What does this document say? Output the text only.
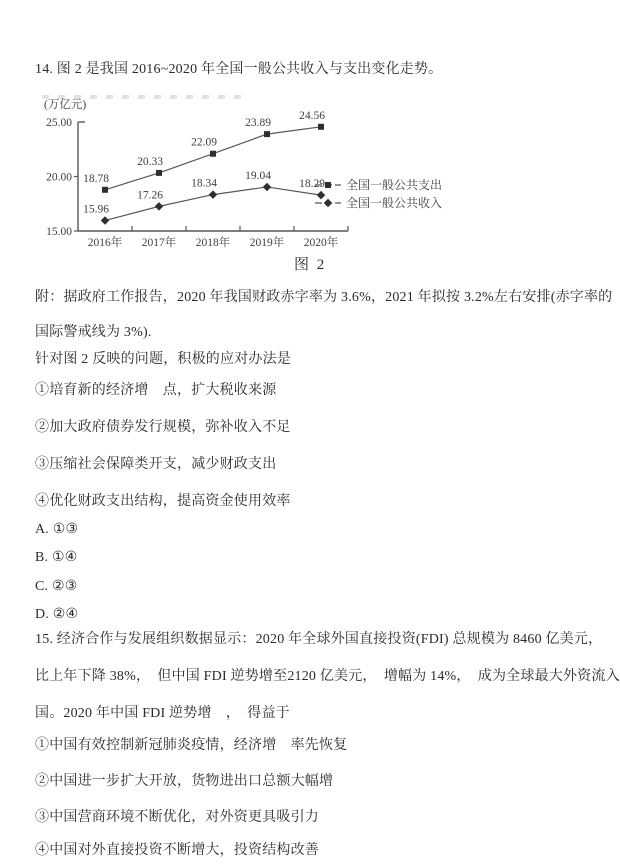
14. 图 2 是我国 2016~2020 年全国一般公共收入与支出变化走势。
(万亿元)
25.00
20.00
15.00
2016年 2017年 2018年 2019年 2020年
18.78
20.33
22.09
23.89
24.56
15.96
17.26
18.34
19.04
18.29 全国一般公共支出
全国一般公共收入
图 2
附：据政府工作报告，2020 年我国财政赤字率为 3.6%，2021 年拟按 3.2%左右安排(赤字率的
国际警戒线为 3%).
针对图 2 反映的问题，积极的应对办法是
①培育新的经济增　点，扩大税收来源
②加大政府债券发行规模，弥补收入不足
③压缩社会保障类开支，减少财政支出
④优化财政支出结构，提高资金使用效率
A. ①③
B. ①④
C. ②③
D. ②④
15. 经济合作与发展组织数据显示：2020 年全球外国直接投资(FDI) 总规模为 8460 亿美元，
比上年下降 38%，　但中国 FDI 逆势增至2120 亿美元，　增幅为 14%，　成为全球最大外资流入
国。2020 年中国 FDI 逆势增　，　得益于
①中国有效控制新冠肺炎疫情，经济增　率先恢复
②中国进一步扩大开放，货物进出口总额大幅增
③中国营商环境不断优化，对外资更具吸引力
④中国对外直接投资不断增大，投资结构改善
